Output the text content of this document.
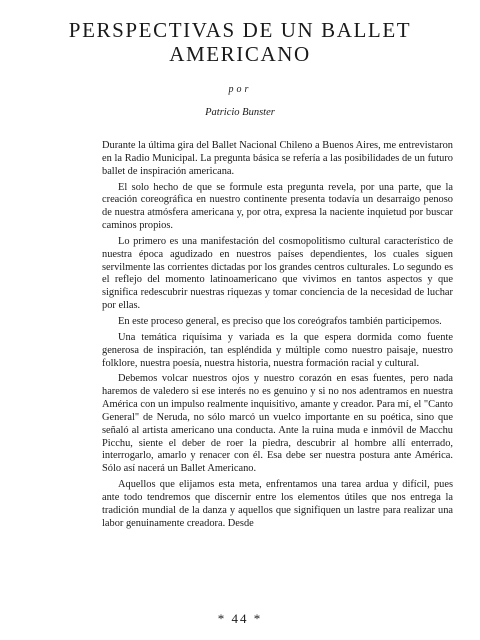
PERSPECTIVAS DE UN BALLET
AMERICANO
por
Patricio Bunster

Durante la última gira del Ballet Nacional Chileno a Buenos Aires, me entrevistaron en la Radio Municipal. La pregunta básica se refería a las posibilidades de un futuro ballet de inspiración americana.

El solo hecho de que se formule esta pregunta revela, por una parte, que la creación coreográfica en nuestro continente presenta todavía un desarraigo penoso de nuestra atmósfera americana y, por otra, expresa la naciente inquietud por buscar caminos propios.

Lo primero es una manifestación del cosmopolitismo cultural característico de nuestra época agudizado en nuestros países dependientes, los cuales siguen servilmente las corrientes dictadas por los grandes centros culturales. Lo segundo es el reflejo del momento latinoamericano que vivimos en tantos aspectos y que significa redescubrir nuestras riquezas y tomar conciencia de la necesidad de luchar por ellas.

En este proceso general, es preciso que los coreógrafos también participemos.

Una temática riquísima y variada es la que espera dormida como fuente generosa de inspiración, tan espléndida y múltiple como nuestro paisaje, nuestro folklore, nuestra poesía, nuestra historia, nuestra formación racial y cultural.

Debemos volcar nuestros ojos y nuestro corazón en esas fuentes, pero nada haremos de valedero si ese interés no es genuino y si no nos adentramos en nuestra América con un impulso realmente inquisitivo, amante y creador. Para mí, el "Canto General" de Neruda, no sólo marcó un vuelco importante en su poética, sino que señaló al artista americano una conducta. Ante la ruina muda e inmóvil de Macchu Picchu, siente el deber de roer la piedra, descubrir al hombre allí enterrado, interrogarlo, amarlo y renacer con él. Esa debe ser nuestra postura ante América. Sólo así nacerá un Ballet Americano.

Aquellos que elijamos esta meta, enfrentamos una tarea ardua y difícil, pues ante todo tendremos que discernir entre los elementos útiles que nos entrega la tradición mundial de la danza y aquellos que signifiquen un lastre para realizar una labor genuinamente creadora. Desde

* 44 *
